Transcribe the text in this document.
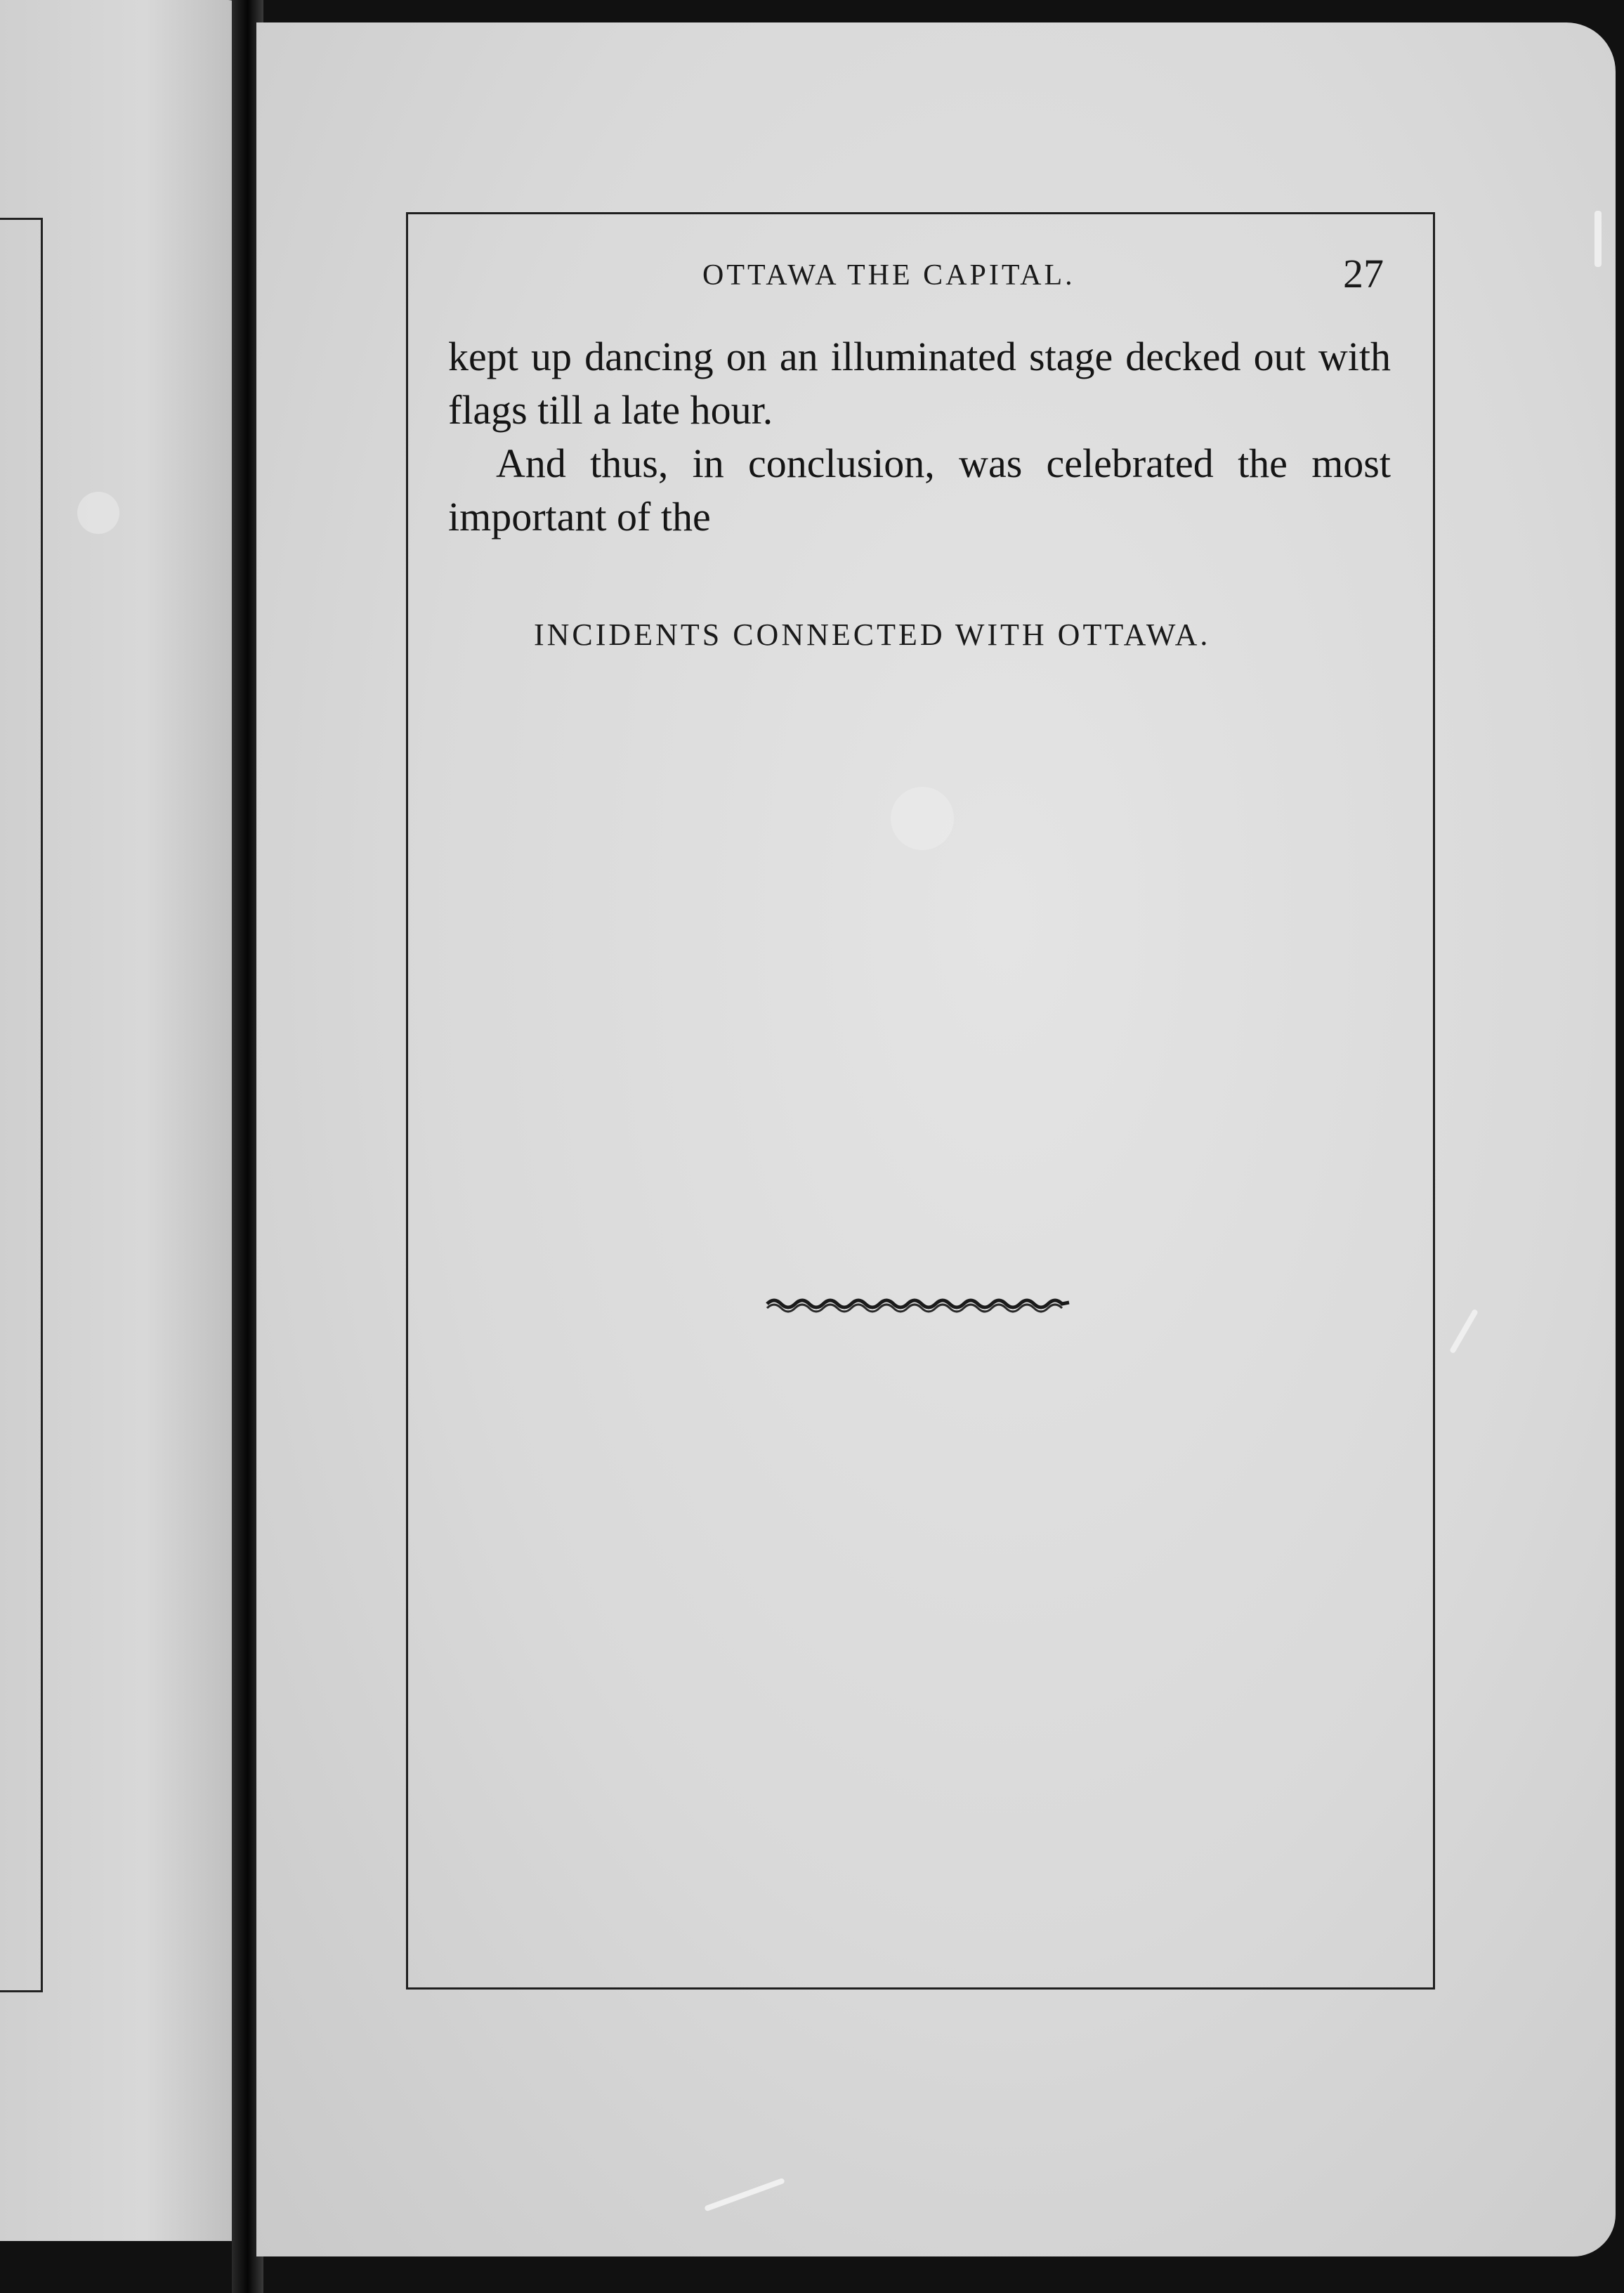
OTTAWA THE CAPITAL.	27

kept up dancing on an illuminated stage decked out with flags till a late hour.

And thus, in conclusion, was celebrated the most important of the

INCIDENTS CONNECTED WITH OTTAWA.
